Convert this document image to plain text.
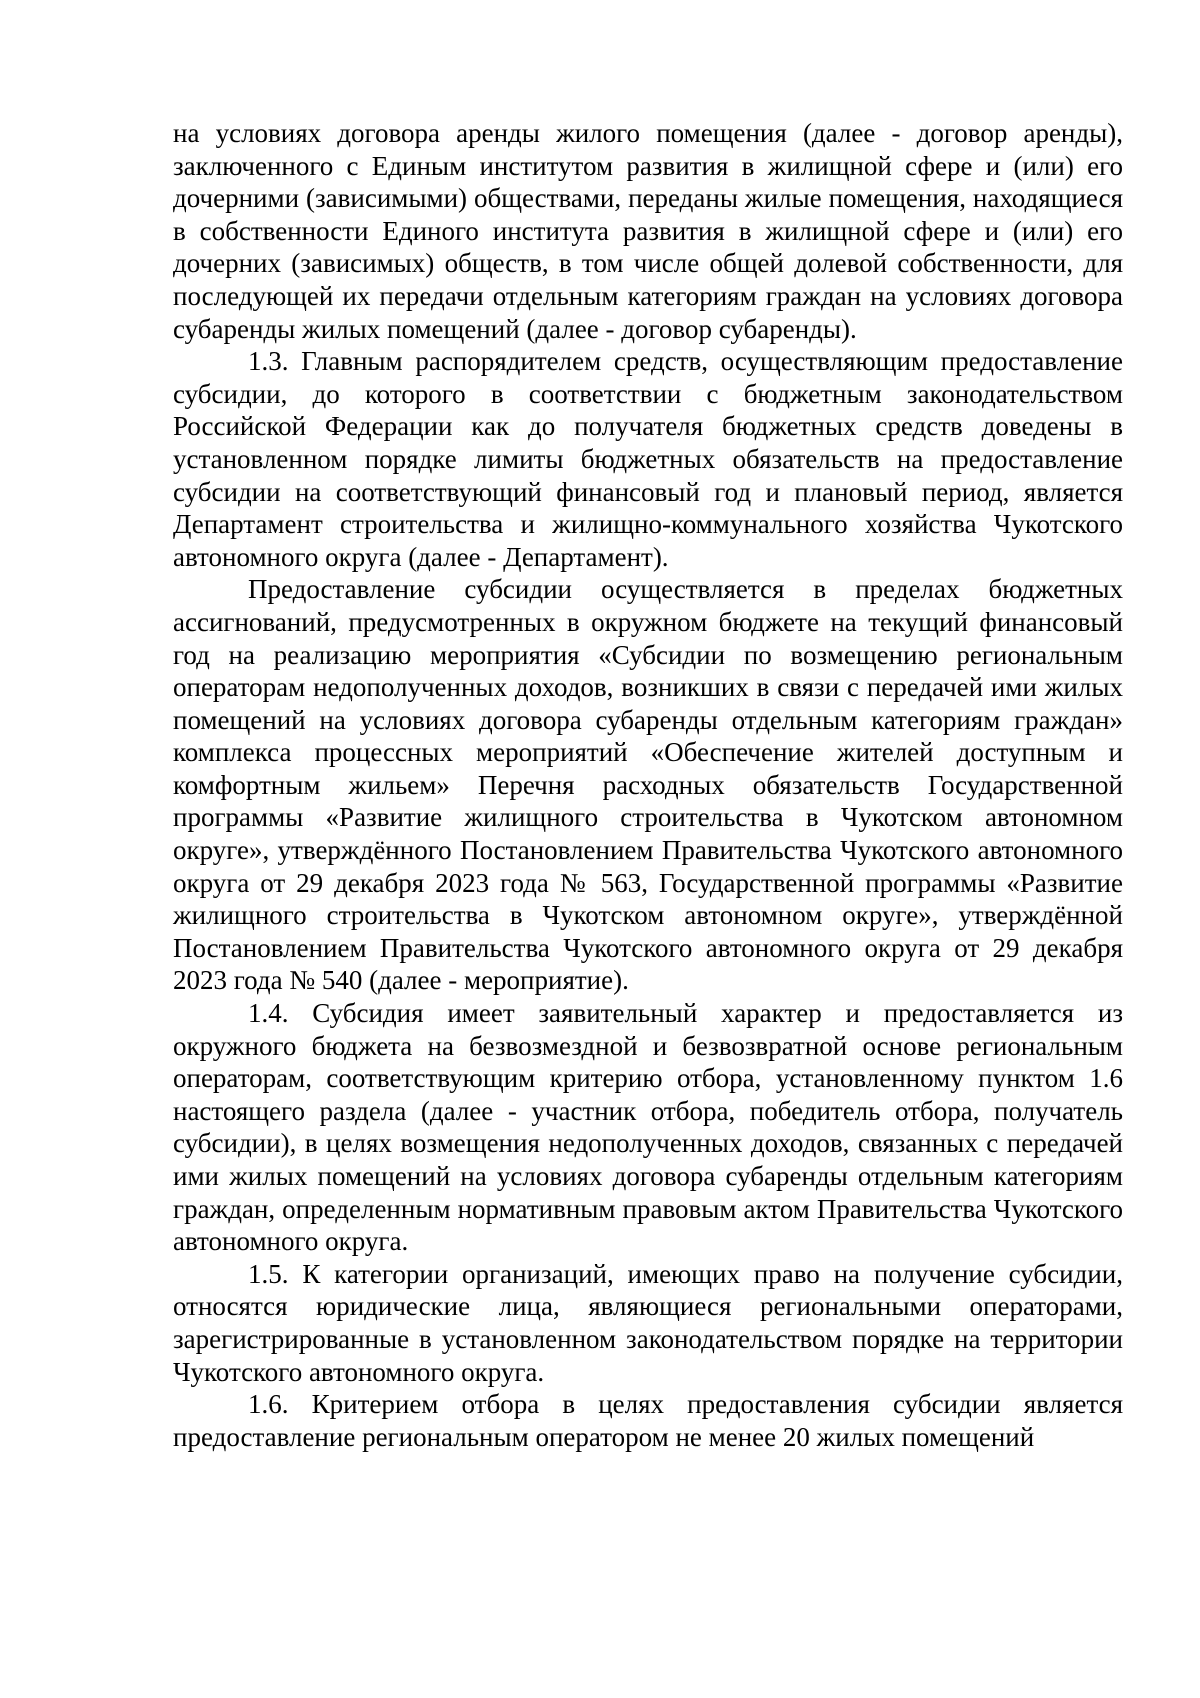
на условиях договора аренды жилого помещения (далее - договор аренды), заключенного с Единым институтом развития в жилищной сфере и (или) его дочерними (зависимыми) обществами, переданы жилые помещения, находящиеся в собственности Единого института развития в жилищной сфере и (или) его дочерних (зависимых) обществ, в том числе общей долевой собственности, для последующей их передачи отдельным категориям граждан на условиях договора субаренды жилых помещений (далее - договор субаренды).

1.3. Главным распорядителем средств, осуществляющим предоставление субсидии, до которого в соответствии с бюджетным законодательством Российской Федерации как до получателя бюджетных средств доведены в установленном порядке лимиты бюджетных обязательств на предоставление субсидии на соответствующий финансовый год и плановый период, является Департамент строительства и жилищно-коммунального хозяйства Чукотского автономного округа (далее - Департамент).

Предоставление субсидии осуществляется в пределах бюджетных ассигнований, предусмотренных в окружном бюджете на текущий финансовый год на реализацию мероприятия «Субсидии по возмещению региональным операторам недополученных доходов, возникших в связи с передачей ими жилых помещений на условиях договора субаренды отдельным категориям граждан» комплекса процессных мероприятий «Обеспечение жителей доступным и комфортным жильем» Перечня расходных обязательств Государственной программы «Развитие жилищного строительства в Чукотском автономном округе», утверждённого Постановлением Правительства Чукотского автономного округа от 29 декабря 2023 года № 563, Государственной программы «Развитие жилищного строительства в Чукотском автономном округе», утверждённой Постановлением Правительства Чукотского автономного округа от 29 декабря 2023 года № 540 (далее - мероприятие).

1.4. Субсидия имеет заявительный характер и предоставляется из окружного бюджета на безвозмездной и безвозвратной основе региональным операторам, соответствующим критерию отбора, установленному пунктом 1.6 настоящего раздела (далее - участник отбора, победитель отбора, получатель субсидии), в целях возмещения недополученных доходов, связанных с передачей ими жилых помещений на условиях договора субаренды отдельным категориям граждан, определенным нормативным правовым актом Правительства Чукотского автономного округа.

1.5. К категории организаций, имеющих право на получение субсидии, относятся юридические лица, являющиеся региональными операторами, зарегистрированные в установленном законодательством порядке на территории Чукотского автономного округа.

1.6. Критерием отбора в целях предоставления субсидии является предоставление региональным оператором не менее 20 жилых помещений
